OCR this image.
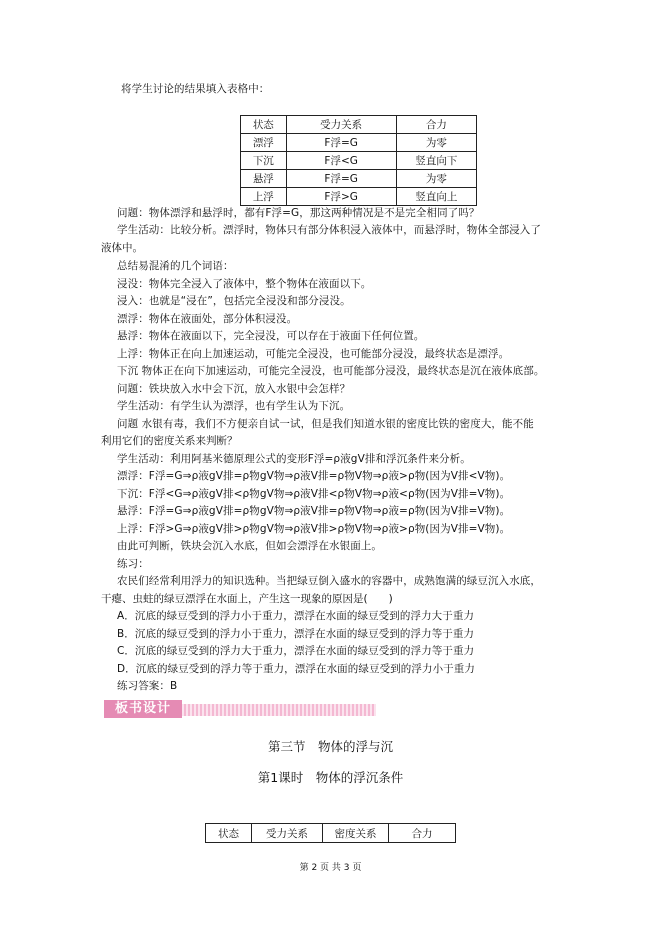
将学生讨论的结果填入表格中：
状态	受力关系	合力
漂浮	F浮=G	为零
下沉	F浮<G	竖直向下
悬浮	F浮=G	为零
上浮	F浮>G	竖直向上
问题：物体漂浮和悬浮时，都有F浮=G，那这两种情况是不是完全相同了吗？
学生活动：比较分析。漂浮时，物体只有部分体积浸入液体中，而悬浮时，物体全部浸入了
液体中。
总结易混淆的几个词语：
浸没：物体完全浸入了液体中，整个物体在液面以下。
浸入：也就是“浸在”，包括完全浸没和部分浸没。
漂浮：物体在液面处，部分体积浸没。
悬浮：物体在液面以下，完全浸没，可以存在于液面下任何位置。
上浮：物体正在向上加速运动，可能完全浸没，也可能部分浸没，最终状态是漂浮。
下沉 物体正在向下加速运动，可能完全浸没，也可能部分浸没，最终状态是沉在液体底部。
问题：铁块放入水中会下沉，放入水银中会怎样？
学生活动：有学生认为漂浮，也有学生认为下沉。
问题 水银有毒，我们不方便亲自试一试，但是我们知道水银的密度比铁的密度大，能不能
利用它们的密度关系来判断？
学生活动：利用阿基米德原理公式的变形F浮=ρ液gV排和浮沉条件来分析。
漂浮：F浮=G⇒ρ液gV排=ρ物gV物⇒ρ液V排=ρ物V物⇒ρ液>ρ物(因为V排<V物)。
下沉：F浮<G⇒ρ液gV排<ρ物gV物⇒ρ液V排<ρ物V物⇒ρ液<ρ物(因为V排=V物)。
悬浮：F浮=G⇒ρ液gV排=ρ物gV物⇒ρ液V排=ρ物V物⇒ρ液=ρ物(因为V排=V物)。
上浮：F浮>G⇒ρ液gV排>ρ物gV物⇒ρ液V排>ρ物V物⇒ρ液>ρ物(因为V排=V物)。
由此可判断，铁块会沉入水底，但如会漂浮在水银面上。
练习：
农民们经常利用浮力的知识选种。当把绿豆倒入盛水的容器中，成熟饱满的绿豆沉入水底，
干瘪、虫蛀的绿豆漂浮在水面上，产生这一现象的原因是(　　)
A．沉底的绿豆受到的浮力小于重力，漂浮在水面的绿豆受到的浮力大于重力
B．沉底的绿豆受到的浮力小于重力，漂浮在水面的绿豆受到的浮力等于重力
C．沉底的绿豆受到的浮力大于重力，漂浮在水面的绿豆受到的浮力等于重力
D．沉底的绿豆受到的浮力等于重力，漂浮在水面的绿豆受到的浮力小于重力
练习答案：B
板书设计
第三节　物体的浮与沉
第1课时　物体的浮沉条件
状态	受力关系	密度关系	合力
第 2 页 共 3 页
